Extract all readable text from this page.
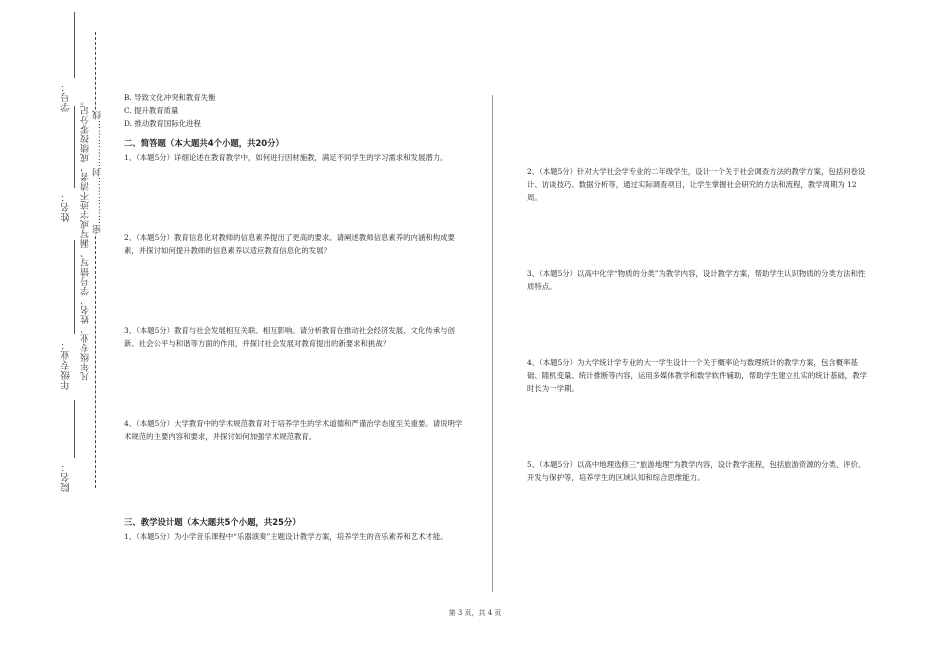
学号：
姓名：
年级专业：
院名：
凡年级专业、姓名、学号错写、漏写或字迹不清者，成绩按零分记。 密……………封……………线

B. 导致文化冲突和教育失衡

C. 提升教育质量

D. 推动教育国际化进程

二、简答题（本大题共4个小题，共20分）

1、（本题5分）详细论述在教育教学中，如何进行因材施教，满足不同学生的学习需求和发展潜力。

2、（本题5分）教育信息化对教师的信息素养提出了更高的要求。请阐述教师信息素养的内涵和构成要素，并探讨如何提升教师的信息素养以适应教育信息化的发展？

3、（本题5分）教育与社会发展相互关联、相互影响。请分析教育在推动社会经济发展、文化传承与创新、社会公平与和谐等方面的作用，并探讨社会发展对教育提出的新要求和挑战？

4、（本题5分）大学教育中的学术规范教育对于培养学生的学术道德和严谨治学态度至关重要。请说明学术规范的主要内容和要求，并探讨如何加强学术规范教育。

三、教学设计题（本大题共5个小题，共25分）

1、（本题5分）为小学音乐课程中“乐器演奏”主题设计教学方案，培养学生的音乐素养和艺术才能。

2、（本题5分）针对大学社会学专业的二年级学生，设计一个关于社会调查方法的教学方案，包括问卷设计、访谈技巧、数据分析等，通过实际调查项目，让学生掌握社会研究的方法和流程，教学周期为 12 周。

3、（本题5分）以高中化学“物质的分类”为教学内容，设计教学方案，帮助学生认识物质的分类方法和性质特点。

4、（本题5分）为大学统计学专业的大一学生设计一个关于概率论与数理统计的教学方案，包含概率基础、随机变量、统计推断等内容，运用多媒体教学和数学软件辅助，帮助学生建立扎实的统计基础，教学时长为一学期。

5、（本题5分）以高中地理选修三“旅游地理”为教学内容，设计教学流程，包括旅游资源的分类、评价、开发与保护等，培养学生的区域认知和综合思维能力。

第 3 页，共 4 页
